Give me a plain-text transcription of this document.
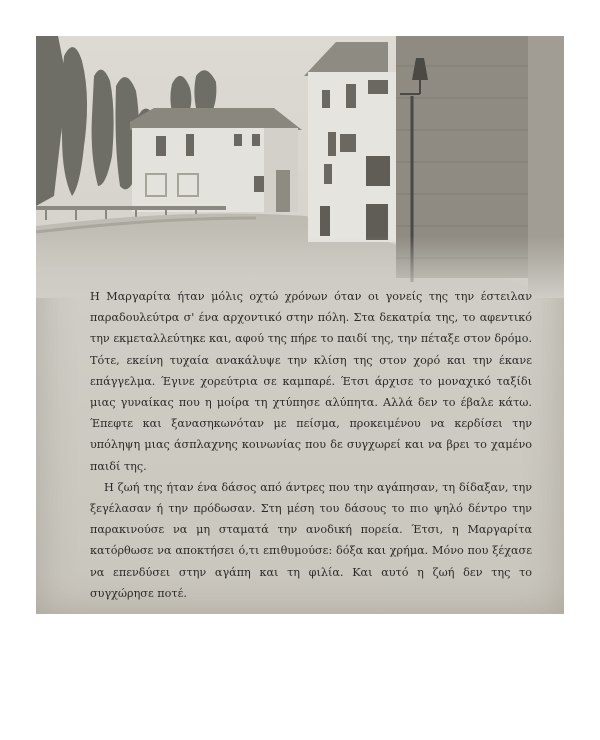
Η Μαργαρίτα ήταν μόλις οχτώ χρόνων όταν οι γονείς της την έστειλαν παραδουλεύτρα σ' ένα αρχοντικό στην πόλη. Στα δεκατρία της, το αφεντικό την εκμεταλλεύτηκε και, αφού της πήρε το παιδί της, την πέταξε στον δρόμο. Τότε, εκείνη τυχαία ανακάλυψε την κλίση της στον χορό και την έκανε επάγγελμα. Έγινε χορεύτρια σε καμπαρέ. Έτσι άρχισε το μοναχικό ταξίδι μιας γυναίκας που η μοίρα τη χτύπησε αλύπητα. Αλλά δεν το έβαλε κάτω. Έπεφτε και ξανασηκωνόταν με πείσμα, προκειμένου να κερδίσει την υπόληψη μιας άσπλαχνης κοινωνίας που δε συγχωρεί και να βρει το χαμένο παιδί της.

Η ζωή της ήταν ένα δάσος από άντρες που την αγάπησαν, τη δίδαξαν, την ξεγέλασαν ή την πρόδωσαν. Στη μέση του δάσους το πιο ψηλό δέντρο την παρακινούσε να μη σταματά την ανοδική πορεία. Έτσι, η Μαργαρίτα κατόρθωσε να αποκτήσει ό,τι επιθυμούσε: δόξα και χρήμα. Μόνο που ξέχασε να επενδύσει στην αγάπη και τη φιλία. Και αυτό η ζωή δεν της το συγχώρησε ποτέ.
